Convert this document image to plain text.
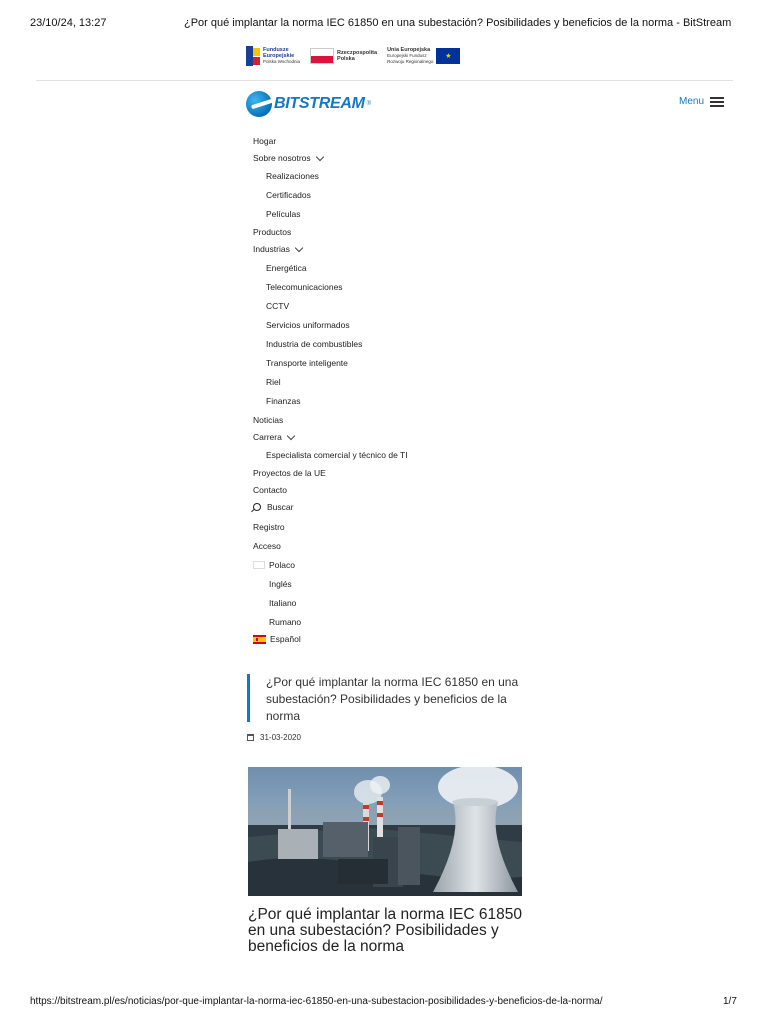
23/10/24, 13:27	¿Por qué implantar la norma IEC 61850 en una subestación? Posibilidades y beneficios de la norma - BitStream
Fundusze
Europejskie
Polska Wschodnia
Rzeczpospolita
Polska
Unia Europejska
Europejski Fundusz
Rozwoju Regionalnego
★
BITSTREAM ®	Menu
Hogar
Sobre nosotros
Realizaciones
Certificados
Películas
Productos
Industrias
Energética
Telecomunicaciones
CCTV
Servicios uniformados
Industria de combustibles
Transporte inteligente
Riel
Finanzas
Noticias
Carrera
Especialista comercial y técnico de TI
Proyectos de la UE
Contacto
Buscar
Registro
Acceso
Polaco
Inglés
Italiano
Rumano
Español
¿Por qué implantar la norma IEC 61850 en una subestación? Posibilidades y beneficios de la norma
31-03-2020
¿Por qué implantar la norma IEC 61850 en una subestación? Posibilidades y beneficios de la norma
https://bitstream.pl/es/noticias/por-que-implantar-la-norma-iec-61850-en-una-subestacion-posibilidades-y-beneficios-de-la-norma/	1/7
